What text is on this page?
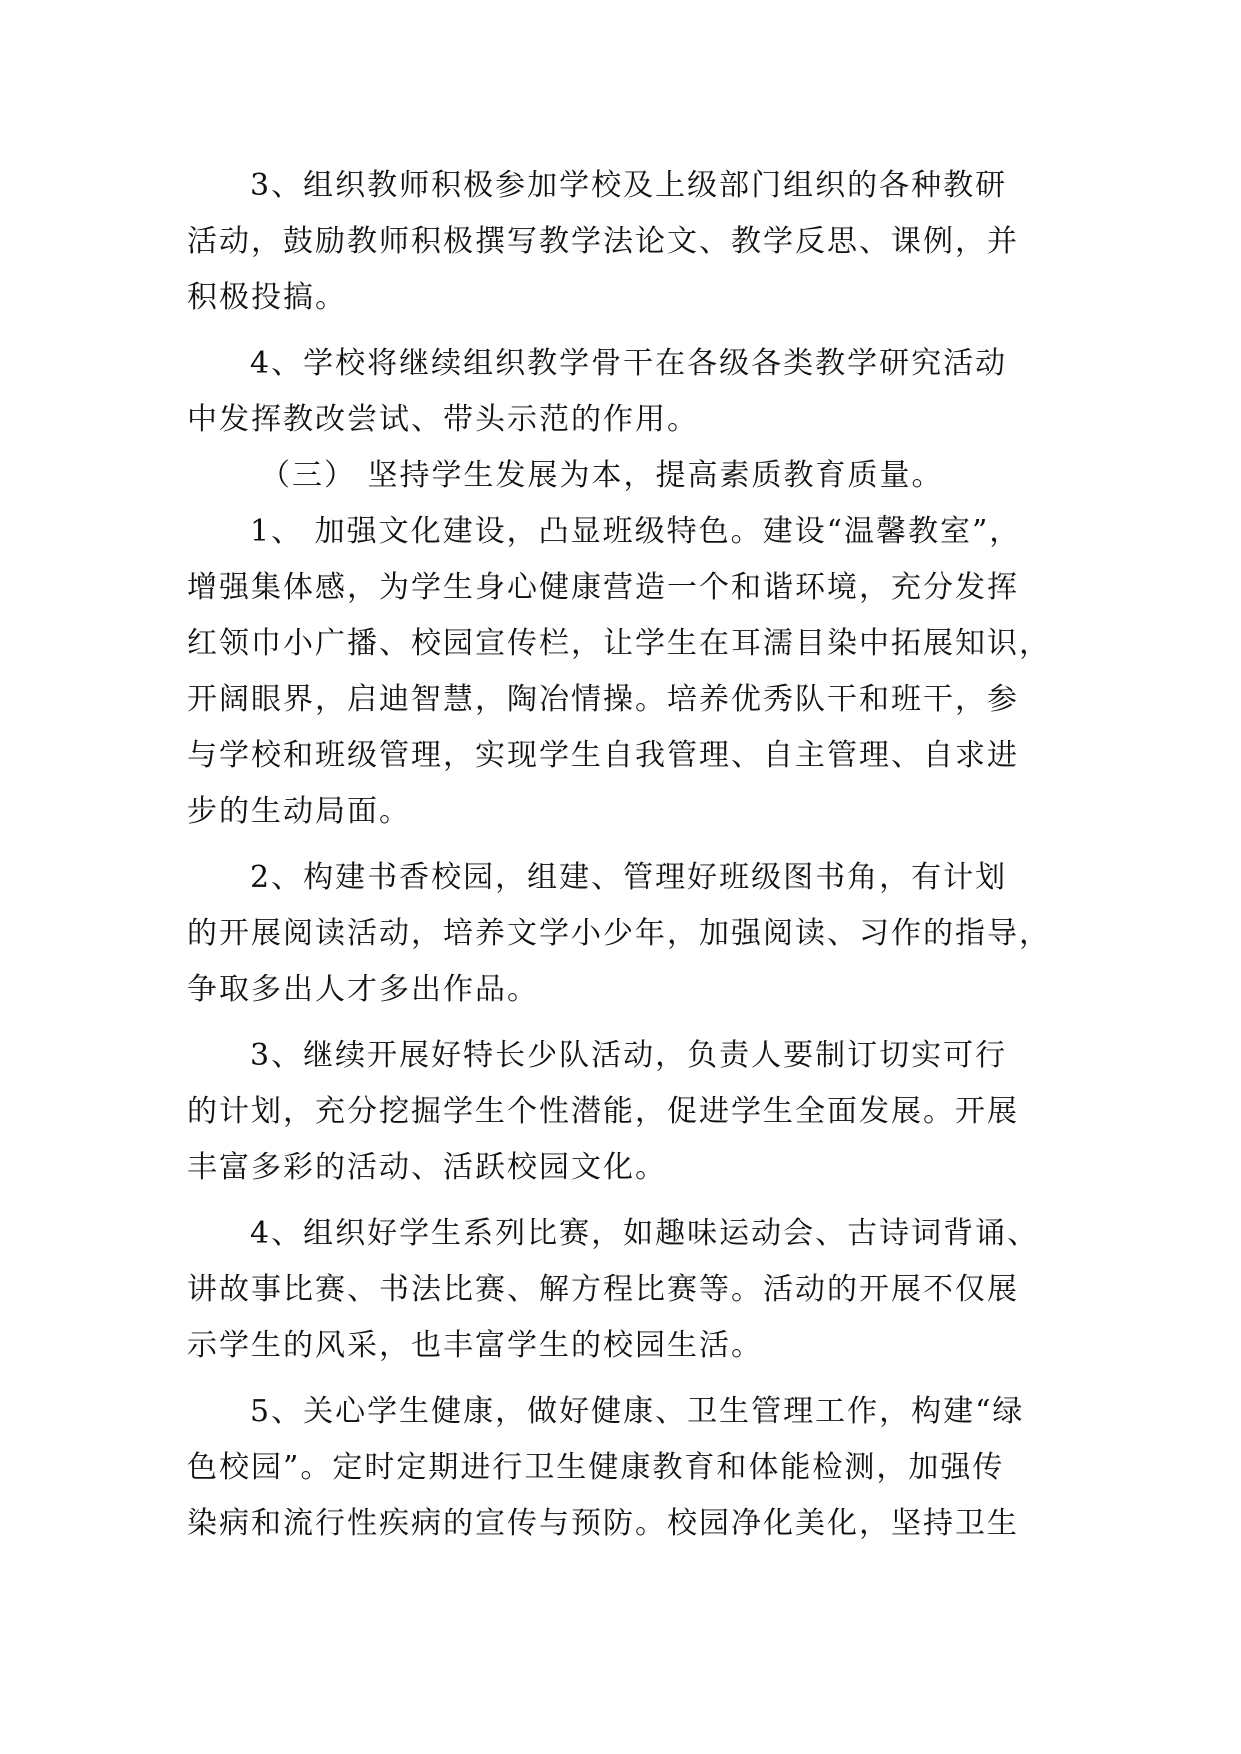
3、组织教师积极参加学校及上级部门组织的各种教研
活动，鼓励教师积极撰写教学法论文、教学反思、课例，并
积极投搞。
4、学校将继续组织教学骨干在各级各类教学研究活动
中发挥教改尝试、带头示范的作用。
（三） 坚持学生发展为本，提高素质教育质量。
1、 加强文化建设，凸显班级特色。建设“温馨教室”，
增强集体感，为学生身心健康营造一个和谐环境，充分发挥
红领巾小广播、校园宣传栏，让学生在耳濡目染中拓展知识，
开阔眼界，启迪智慧，陶冶情操。培养优秀队干和班干，参
与学校和班级管理，实现学生自我管理、自主管理、自求进
步的生动局面。
2、构建书香校园，组建、管理好班级图书角，有计划
的开展阅读活动，培养文学小少年，加强阅读、习作的指导，
争取多出人才多出作品。
3、继续开展好特长少队活动，负责人要制订切实可行
的计划，充分挖掘学生个性潜能，促进学生全面发展。开展
丰富多彩的活动、活跃校园文化。
4、组织好学生系列比赛，如趣味运动会、古诗词背诵、
讲故事比赛、书法比赛、解方程比赛等。活动的开展不仅展
示学生的风采，也丰富学生的校园生活。
5、关心学生健康，做好健康、卫生管理工作，构建“绿
色校园”。定时定期进行卫生健康教育和体能检测，加强传
染病和流行性疾病的宣传与预防。校园净化美化，坚持卫生
